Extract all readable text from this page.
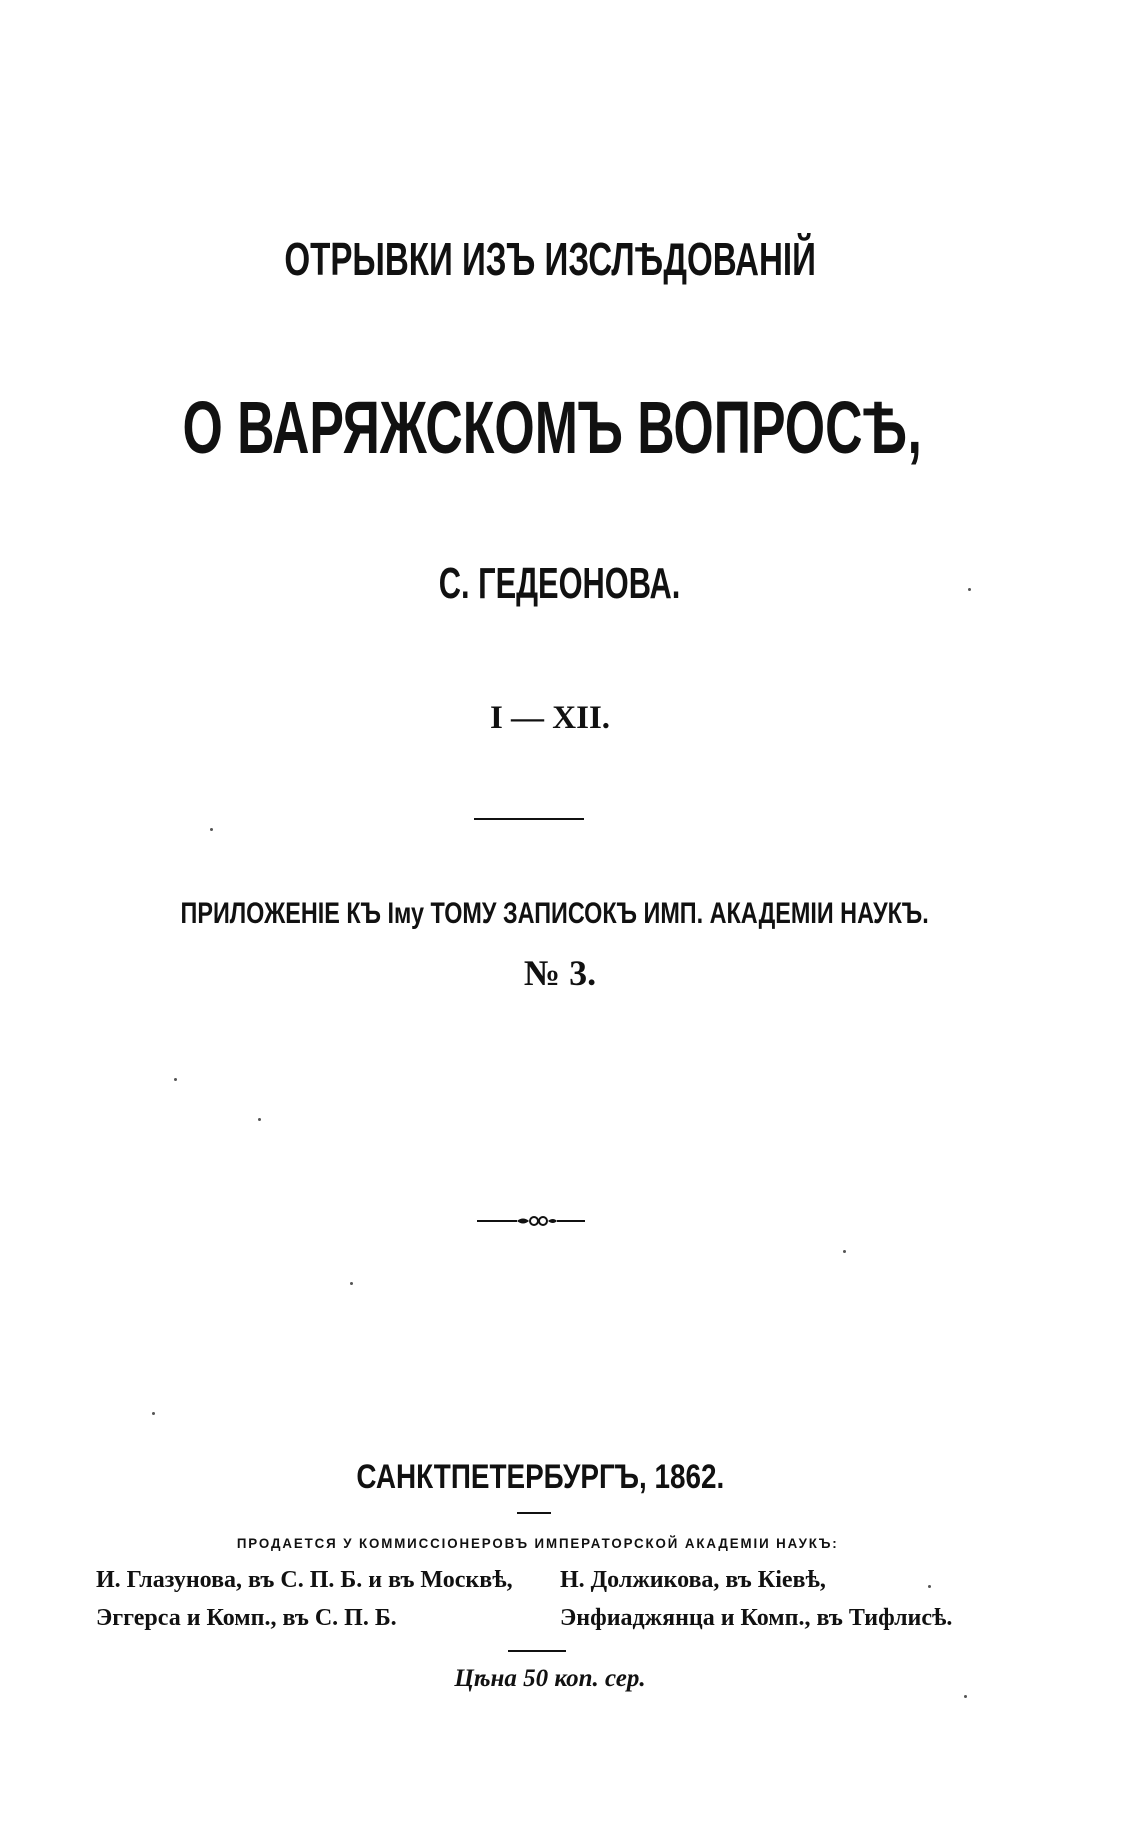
ОТРЫВКИ ИЗЪ ИЗСЛѢДОВАНІЙ
О ВАРЯЖСКОМЪ ВОПРОСѢ,
С. ГЕДЕОНОВА.
I — XII.
ПРИЛОЖЕНІЕ КЪ Iму ТОМУ ЗАПИСОКЪ ИМП. АКАДЕМІИ НАУКЪ.
№ 3.
САНКТПЕТЕРБУРГЪ, 1862.
ПРОДАЕТСЯ У КОММИССІОНЕРОВЪ ИМПЕРАТОРСКОЙ АКАДЕМІИ НАУКЪ:
И. Глазунова, въ С. П. Б. и въ Москвѣ, Н. Должикова, въ Кіевѣ,
Эггерса и Комп., въ С. П. Б.	Энфиаджянца и Комп., въ Тифлисѣ.
Цѣна 50 коп. сер.
